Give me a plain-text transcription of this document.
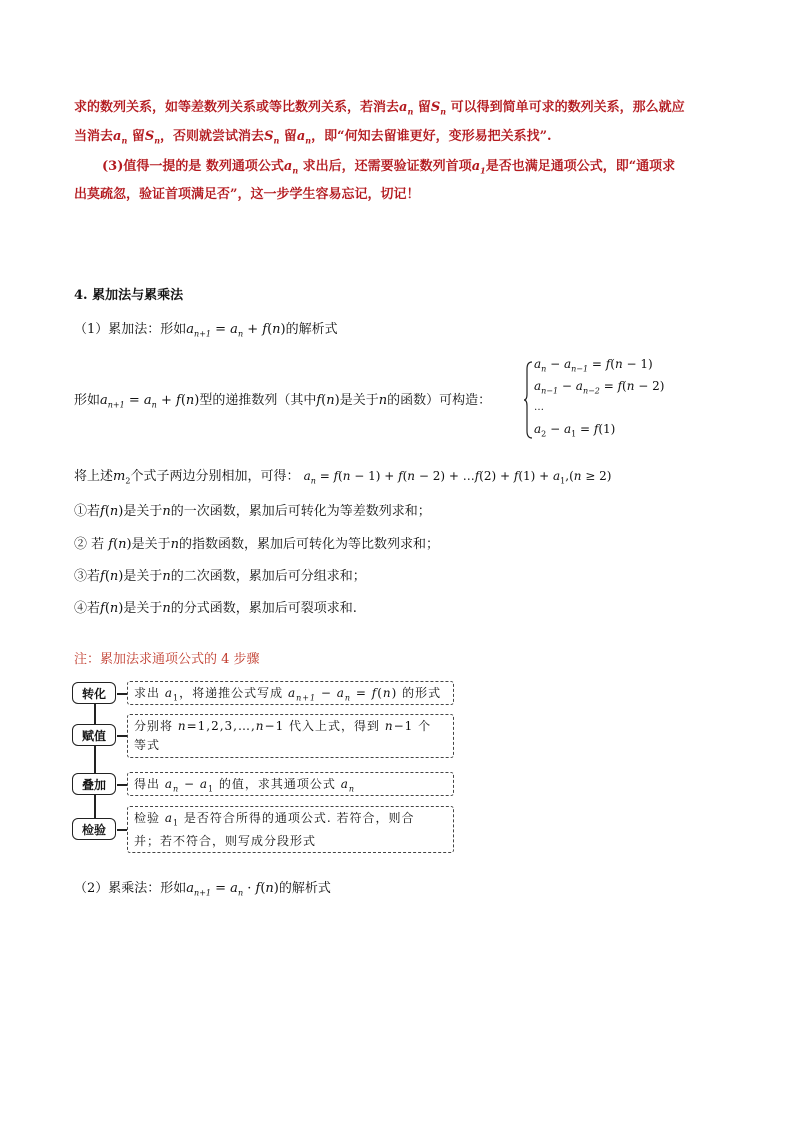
求的数列关系，如等差数列关系或等比数列关系，若消去$a_n$ 留$S_n$ 可以得到简单可求的数列关系，那么就应
当消去$a_n$ 留$S_n$，否则就尝试消去$S_n$ 留$a_n$，即“何知去留谁更好，变形易把关系找”.
(3)值得一提的是 数列通项公式$a_n$ 求出后，还需要验证数列首项$a_1$是否也满足通项公式，即“通项求
出莫疏忽，验证首项满足否”，这一步学生容易忘记，切记！
4. 累加法与累乘法
（1）累加法：形如$a_{n+1} = a_n + f(n)$的解析式
形如$a_{n+1} = a_n + f(n)$型的递推数列（其中f(n)是关于n的函数）可构造：
$a_n - a_{n-1} = f(n - 1)$
$a_{n-1} - a_{n-2} = f(n - 2)$
…
$a_2 - a_1 = f(1)$
将上述$m_2$个式子两边分别相加，可得： $a_n = f(n - 1) + f(n - 2)$ + …f(2) + $f(1) + a_1,(n \ge 2)$
①若f(n)是关于n的一次函数，累加后可转化为等差数列求和；
② 若 f(n)是关于n的指数函数，累加后可转化为等比数列求和；
③若f(n)是关于n的二次函数，累加后可分组求和；
④若f(n)是关于n的分式函数，累加后可裂项求和.
注：累加法求通项公式的 4 步骤
转化	求出 $a_1$，将递推公式写成 $a_{n+1} - a_n = f(n)$ 的形式
赋值
分别将 n=1,2,3,…,n−1 代入上式，得到 n−1 个
等式
叠加	得出 $a_n - a_1$ 的值，求其通项公式 $a_n$
检验
检验 $a_1$ 是否符合所得的通项公式. 若符合，则合
并；若不符合，则写成分段形式
（2）累乘法：形如$a_{n+1} = a_n \cdot f(n)$的解析式
